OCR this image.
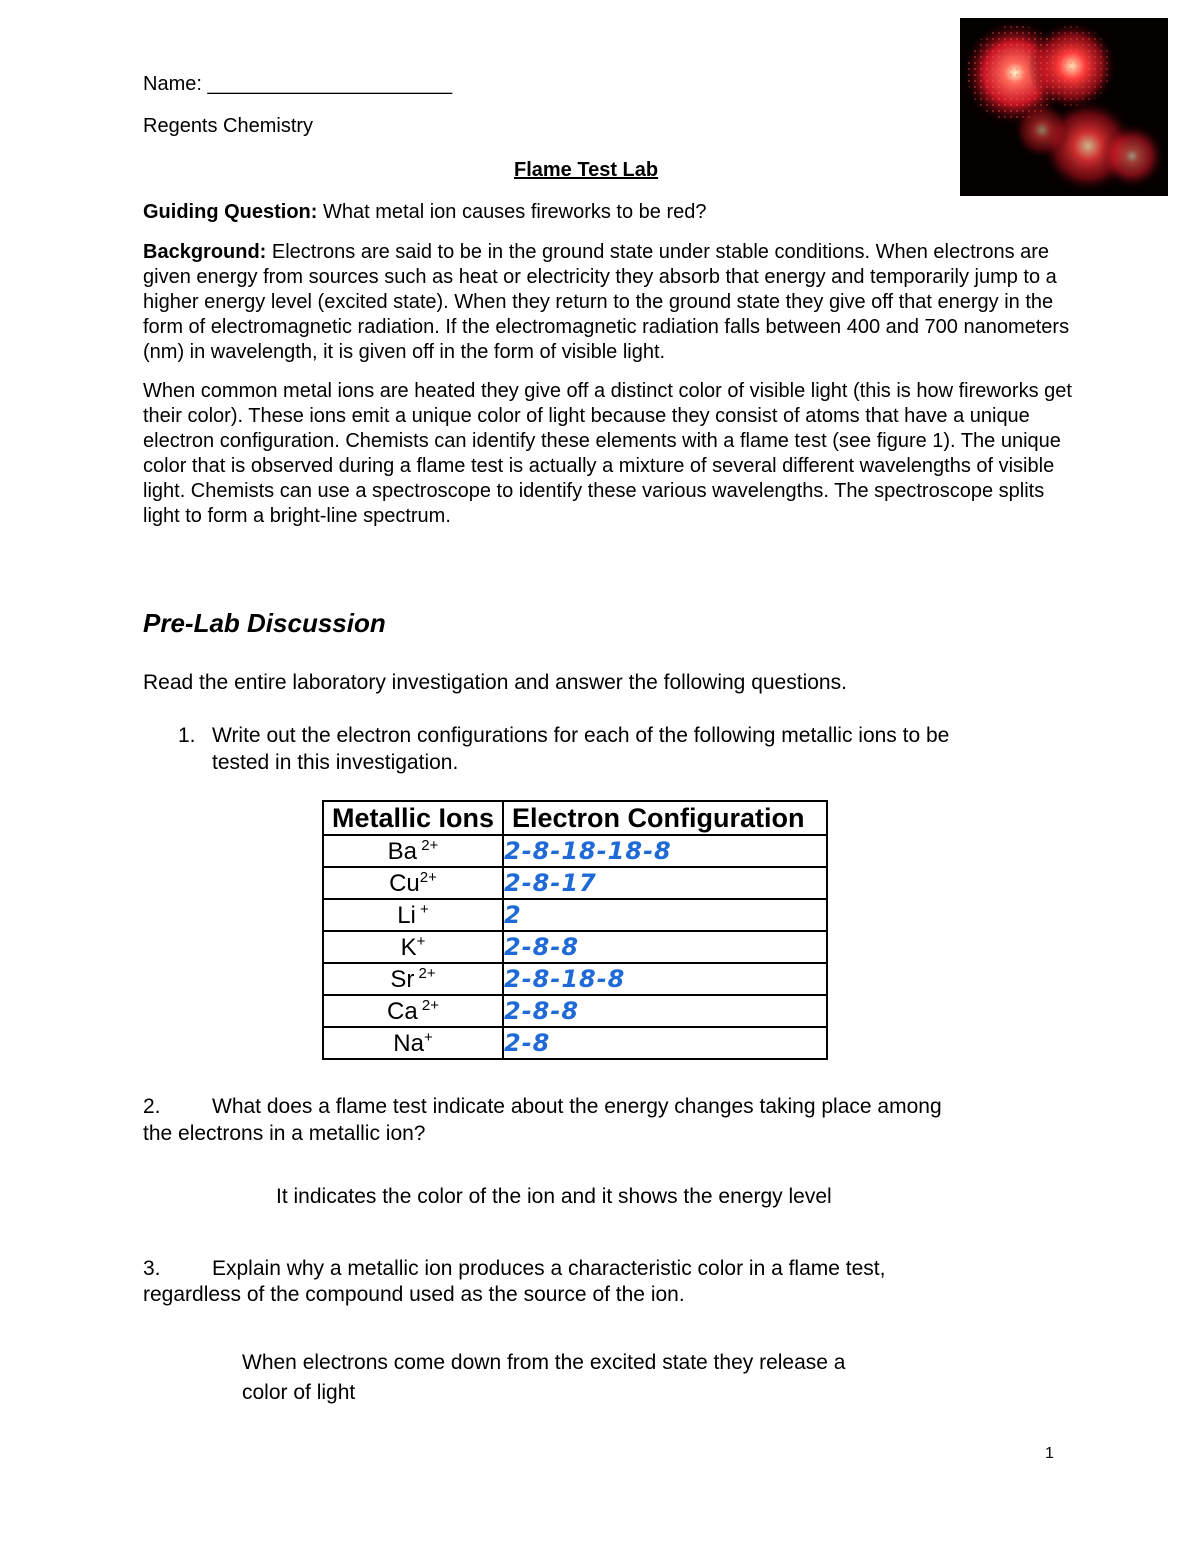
Name: ______________________
Regents Chemistry
Flame Test Lab
Guiding Question: What metal ion causes fireworks to be red?

Background: Electrons are said to be in the ground state under stable conditions. When electrons are given energy from sources such as heat or electricity they absorb that energy and temporarily jump to a higher energy level (excited state). When they return to the ground state they give off that energy in the form of electromagnetic radiation. If the electromagnetic radiation falls between 400 and 700 nanometers (nm) in wavelength, it is given off in the form of visible light.

When common metal ions are heated they give off a distinct color of visible light (this is how fireworks get their color). These ions emit a unique color of light because they consist of atoms that have a unique electron configuration. Chemists can identify these elements with a flame test (see figure 1). The unique color that is observed during a flame test is actually a mixture of several different wavelengths of visible light. Chemists can use a spectroscope to identify these various wavelengths. The spectroscope splits light to form a bright-line spectrum.

Pre-Lab Discussion
Read the entire laboratory investigation and answer the following questions.
1. Write out the electron configurations for each of the following metallic ions to be
tested in this investigation.
Metallic Ions	Electron Configuration
Ba $^{2+}$	2-8-18-18-8
$Cu^{2+}$	2-8-17
Li +	2
K+	2-8-8
Sr $^{2+}$	2-8-18-8
Ca $^{2+}$	2-8-8
Na+	2-8
2. What does a flame test indicate about the energy changes taking place among
the electrons in a metallic ion?
It indicates the color of the ion and it shows the energy level
3. Explain why a metallic ion produces a characteristic color in a flame test,
regardless of the compound used as the source of the ion.
When electrons come down from the excited state they release a
color of light
1
